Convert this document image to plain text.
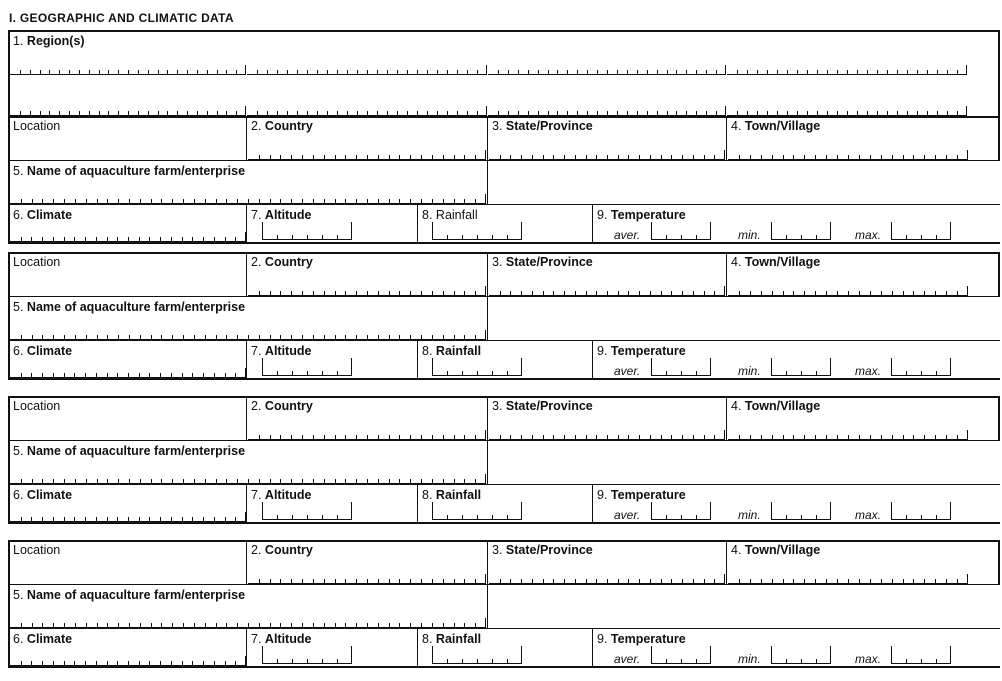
I. GEOGRAPHIC AND CLIMATIC DATA
1. Region(s)
Location	2. Country	3. State/Province	4. Town/Village
5. Name of aquaculture farm/enterprise
6. Climate	7. Altitude	8. Rainfall	9. Temperature
aver.	min.	max.
Location	2. Country	3. State/Province	4. Town/Village
5. Name of aquaculture farm/enterprise
6. Climate	7. Altitude	8. Rainfall	9. Temperature
aver.	min.	max.
Location	2. Country	3. State/Province	4. Town/Village
5. Name of aquaculture farm/enterprise
6. Climate	7. Altitude	8. Rainfall	9. Temperature
aver.	min.	max.
Location	2. Country	3. State/Province	4. Town/Village
5. Name of aquaculture farm/enterprise
6. Climate	7. Altitude	8. Rainfall	9. Temperature
aver.	min.	max.
